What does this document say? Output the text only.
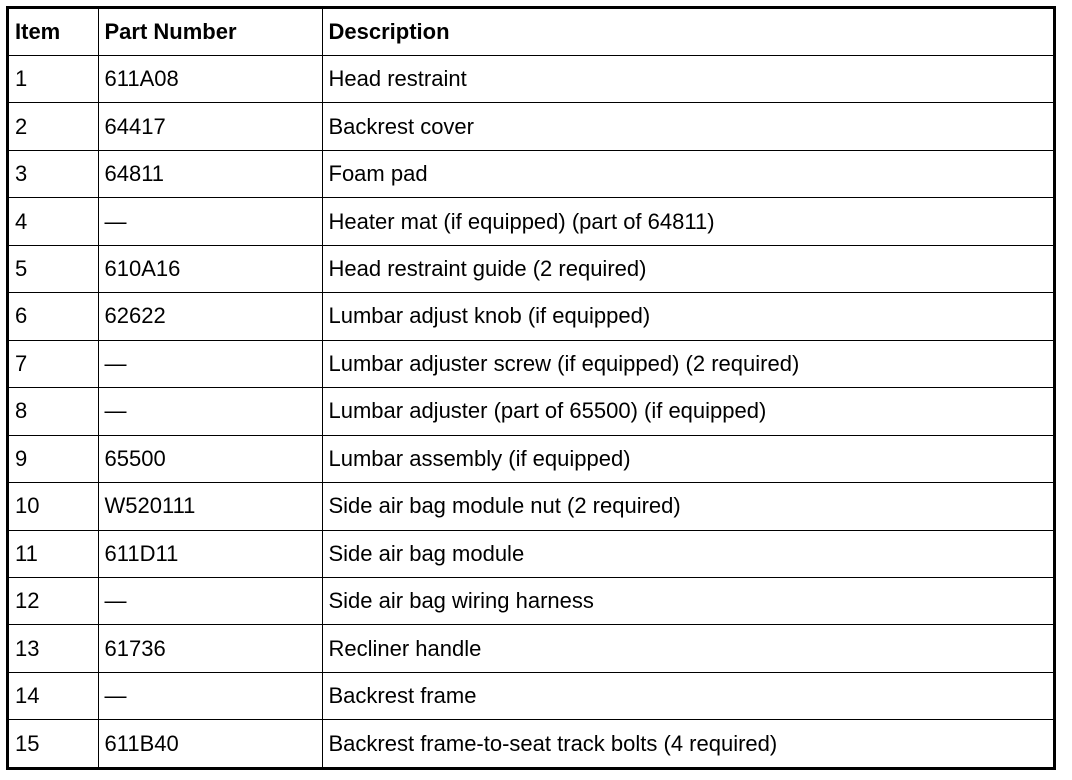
Item	Part Number	Description
1	611A08	Head restraint
2	64417	Backrest cover
3	64811	Foam pad
4	—	Heater mat (if equipped) (part of 64811)
5	610A16	Head restraint guide (2 required)
6	62622	Lumbar adjust knob (if equipped)
7	—	Lumbar adjuster screw (if equipped) (2 required)
8	—	Lumbar adjuster (part of 65500) (if equipped)
9	65500	Lumbar assembly (if equipped)
10	W520111	Side air bag module nut (2 required)
11	611D11	Side air bag module
12	—	Side air bag wiring harness
13	61736	Recliner handle
14	—	Backrest frame
15	611B40	Backrest frame-to-seat track bolts (4 required)
